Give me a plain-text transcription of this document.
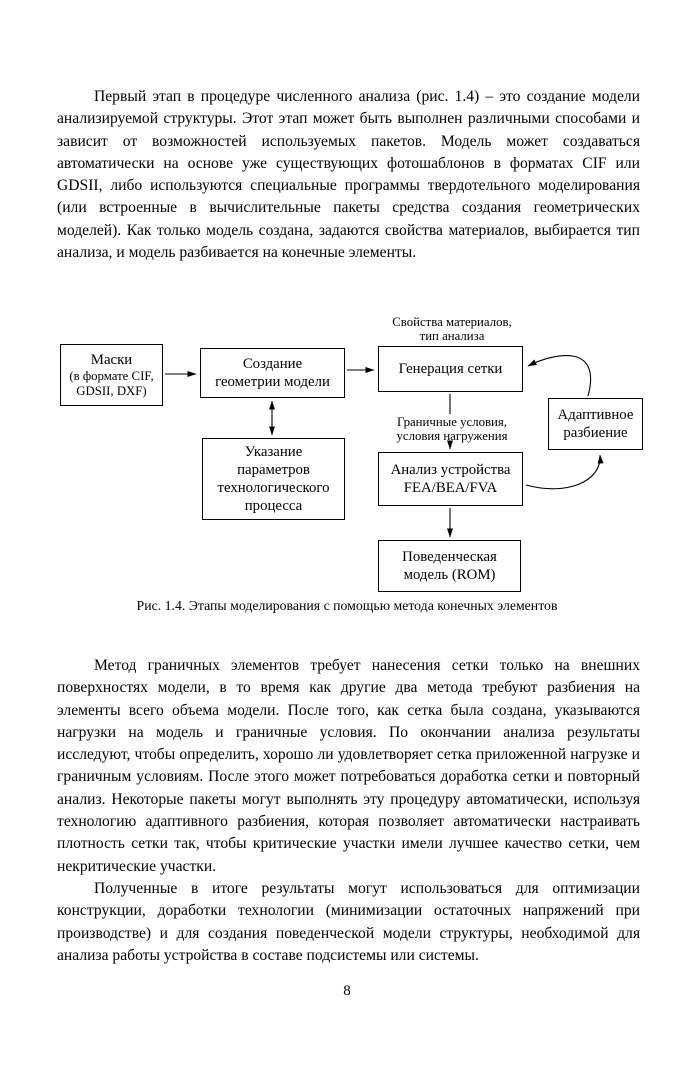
Первый этап в процедуре численного анализа (рис. 1.4) – это создание модели анализируемой структуры. Этот этап может быть выполнен различными способами и зависит от возможностей используемых пакетов. Модель может создаваться автоматически на основе уже существующих фотошаблонов в форматах CIF или GDSII, либо используются специальные программы твердотельного моделирования (или встроенные в вычислительные пакеты средства создания геометрических моделей). Как только модель создана, задаются свойства материалов, выбирается тип анализа, и модель разбивается на конечные элементы.

Свойства материалов, тип анализа
Граничные условия, условия нагружения
Маски
(в формате CIF, GDSII, DXF)
Создание геометрии модели
Генерация сетки
Адаптивное разбиение
Указание параметров технологического процесса
Анализ устройства FEA/BEA/FVA
Поведенческая модель (ROM)

Рис. 1.4. Этапы моделирования с помощью метода конечных элементов

Метод граничных элементов требует нанесения сетки только на внешних поверхностях модели, в то время как другие два метода требуют разбиения на элементы всего объема модели. После того, как сетка была создана, указываются нагрузки на модель и граничные условия. По окончании анализа результаты исследуют, чтобы определить, хорошо ли удовлетворяет сетка приложенной нагрузке и граничным условиям. После этого может потребоваться доработка сетки и повторный анализ. Некоторые пакеты могут выполнять эту процедуру автоматически, используя технологию адаптивного разбиения, которая позволяет автоматически настраивать плотность сетки так, чтобы критические участки имели лучшее качество сетки, чем некритические участки.

Полученные в итоге результаты могут использоваться для оптимизации конструкции, доработки технологии (минимизации остаточных напряжений при производстве) и для создания поведенческой модели структуры, необходимой для анализа работы устройства в составе подсистемы или системы.

8
